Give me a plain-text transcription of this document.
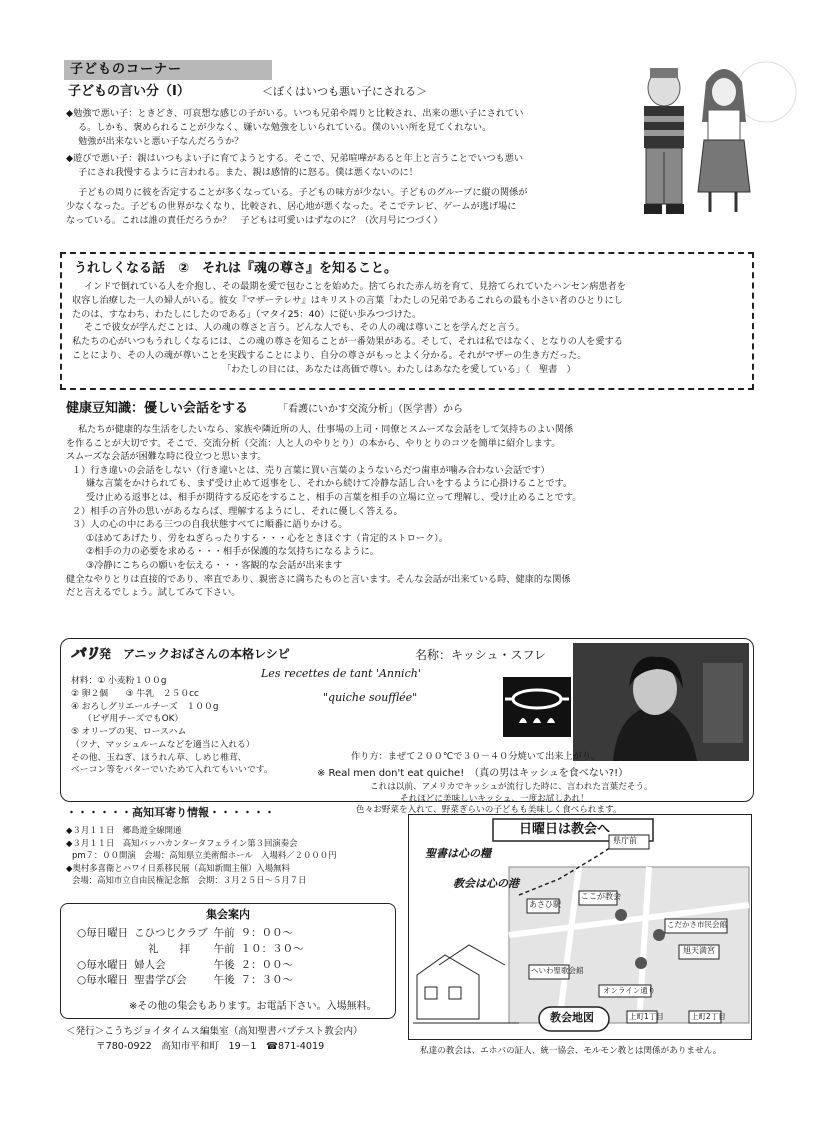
子どものコーナー
子どもの言い分（Ⅰ）	＜ぼくはいつも悪い子にされる＞
◆勉強で悪い子：ときどき、可哀想な感じの子がいる。いつも兄弟や周りと比較され、出来の悪い子にされてい
る。しかも、褒められることが少なく、嫌いな勉強をしいられている。僕のいい所を見てくれない。
勉強が出来ないと悪い子なんだろうか？
◆遊びで悪い子：親はいつもよい子に育てようとする。そこで、兄弟喧嘩があると年上と言うことでいつも悪い
子にされ我慢するように言われる。また、親は感情的に怒る。僕は悪くないのに！
子どもの周りに彼を否定することが多くなっている。子どもの味方が少ない。子どものグループに縦の関係が
少なくなった。子どもの世界がなくなり、比較され、居心地が悪くなった。そこでテレビ、ゲームが逃げ場に
なっている。これは誰の責任だろうか？　子どもは可愛いはずなのに？（次月号につづく）
うれしくなる話　②　それは『魂の尊さ』を知ること。
インドで倒れている人を介抱し、その最期を愛で包むことを始めた。捨てられた赤ん坊を育て、見捨てられていたハンセン病患者を
収容し治療した一人の婦人がいる。彼女『マザーテレサ』はキリストの言葉「わたしの兄弟であるこれらの最も小さい者のひとりにし
たのは、すなわち、わたしにしたのである」（マタイ25：40）に従い歩みつづけた。
そこで彼女が学んだことは、人の魂の尊さと言う。どんな人でも、その人の魂は尊いことを学んだと言う。
私たちの心がいつもうれしくなるには、この魂の尊さを知ることが一番効果がある。そして、それは私ではなく、となりの人を愛する
ことにより、その人の魂が尊いことを実践することにより、自分の尊さがもっとよく分かる。それがマザーの生き方だった。
「わたしの目には、あなたは高価で尊い。わたしはあなたを愛している」（　聖書　）
健康豆知識：優しい会話をする	「看護にいかす交流分析」（医学書）から
私たちが健康的な生活をしたいなら、家族や隣近所の人、仕事場の上司・同僚とスムーズな会話をして気持ちのよい関係
を作ることが大切です。そこで、交流分析（交流：人と人のやりとり）の本から、やりとりのコツを簡単に紹介します。
スムーズな会話が困難な時に役立つと思います。
１）行き違いの会話をしない（行き違いとは、売り言葉に買い言葉のようないらだつ歯車が噛み合わない会話です）
嫌な言葉をかけられても、まず受け止めて返事をし、それから続けて冷静な話し合いをするように心掛けることです。
受け止める返事とは、相手が期待する反応をすること、相手の言葉を相手の立場に立って理解し、受け止めることです。
２）相手の言外の思いがあるならば、理解するようにし、それに優しく答える。
３）人の心の中にある三つの自我状態すべてに順番に語りかける。
①ほめてあげたり、労をねぎらったりする・・・心をときほぐす（肯定的ストローク）。
②相手の力の必要を求める・・・相手が保護的な気持ちになるように。
③冷静にこちらの願いを伝える・・・客観的な会話が出来ます
健全なやりとりは直接的であり、率直であり、親密さに満ちたものと言います。そんな会話が出来ている時、健康的な関係
だと言えるでしょう。試してみて下さい。
パリ発　 アニックおばさんの本格レシピ	名称：キッシュ・スフレ
Les recettes de tant 'Annich'
"quiche soufflée"
材料：① 小麦粉１００g
② 卵２個　　③ 牛乳　２５０cc
④ おろしグリエールチーズ　１００g
（ピザ用チーズでもOK）
⑤ オリーブの実、ロースハム
（ツナ、マッシュルームなどを適当に入れる）
その他、玉ねぎ、ほうれん草、しめじ椎茸、
ベーコン等をバターでいためて入れてもいいです。
作り方：まぜて２００℃で３０－４０分焼いて出来上がり。
※ Real men don't eat quiche!　（真の男はキッシュを食べない?!）
これは以前、アメリカでキッシュが流行した時に、言われた言葉だそう。
それほどに美味しいキッシュ、一度お試しあれ！
色々お野菜を入れて、野菜ぎらいの子どもも美味しく食べられます。
・・・・・・高知耳寄り情報・・・・・・
◆３月１１日　郷島遊全線開通
◆３月１１日　高知バッハカンタータフェライン第３回演奏会
pm７：００開演　会場：高知県立美術館ホール　入場料／２０００円
◆奥村多喜衛とハワイ日系移民展（高知新聞主催）入場無料
会場：高知市立自由民権記念館　会期：３月２５日～５月７日
集会案内
○毎日曜日	こひつじクラブ	午前	９：００～
	礼　　拝	午前	１０：３０～
○毎水曜日	婦人会	午後	２：００～
○毎水曜日	聖書学び会	午後	７：３０～
※その他の集会もあります。お電話下さい。入場無料。
日曜日は教会へ
聖書は心の糧
教会は心の港
県庁前
あさひ駅
ここが教会
こだかさ市民会館
へいわ聖歌会館
旭天満宮
オンライン通り
上町1丁目	上町2丁目
教会地図
＜発行＞こうちジョイタイムス編集室（高知聖書バプテスト教会内）
〒780-0922　高知市平和町　19－1　☎871-4019	私達の教会は、エホバの証人、統一協会、モルモン教とは関係がありません。
